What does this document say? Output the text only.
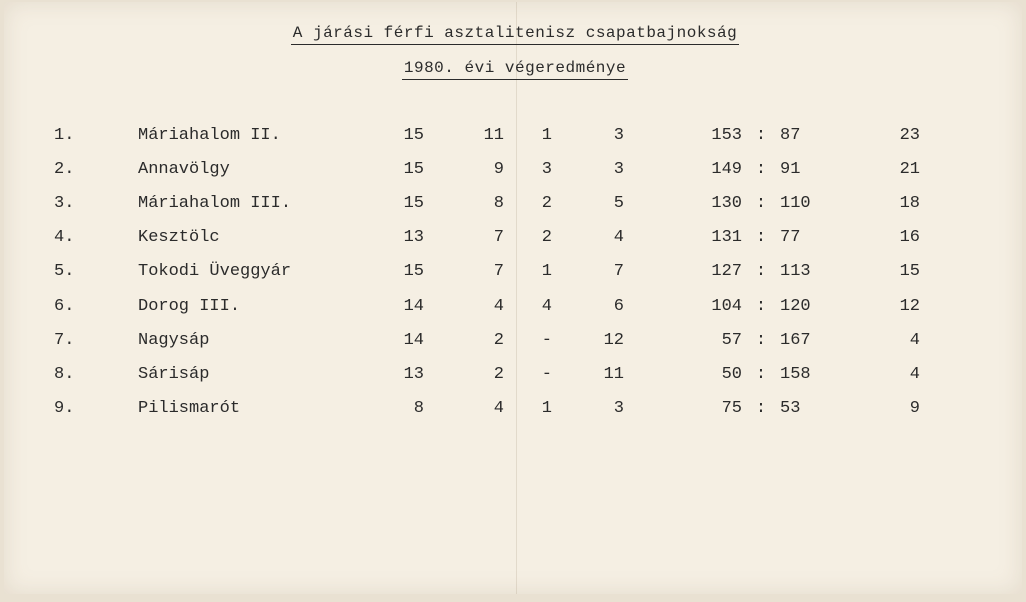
A járási férfi asztalitenisz csapatbajnokság
1980. évi végeredménye
1.	Máriahalom II.	15	11	1	3	153 : 87	23
2.	Annavölgy	15	9	3	3	149 : 91	21
3.	Máriahalom III.	15	8	2	5	130 : 110	18
4.	Kesztölc	13	7	2	4	131 : 77	16
5.	Tokodi Üveggyár	15	7	1	7	127 : 113	15
6.	Dorog III.	14	4	4	6	104 : 120	12
7.	Nagysáp	14	2	-	12	57 : 167	4
8.	Sárisáp	13	2	-	11	50 : 158	4
9.	Pilismarót	8	4	1	3	75 : 53	9
